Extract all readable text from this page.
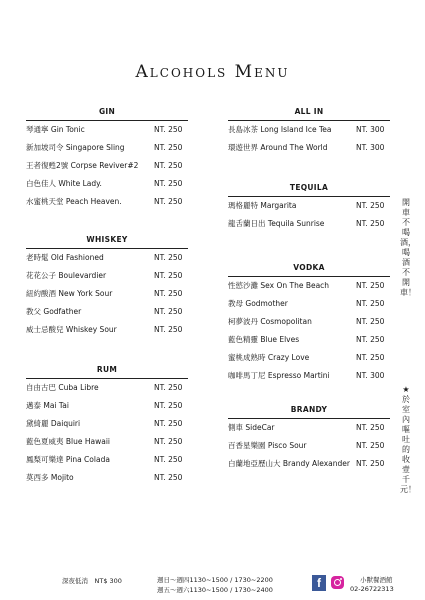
Alcohols Menu
GIN
琴通寧 Gin Tonic	NT. 250
新加坡司令 Singapore Sling	NT. 250
王者復甦2號 Corpse Reviver#2 NT. 250
白色佳人 White Lady.	NT. 250
水蜜桃天堂 Peach Heaven.	NT. 250
WHISKEY
老時髦 Old Fashioned	NT. 250
花花公子 Boulevardier	NT. 250
紐約酸酒 New York Sour	NT. 250
教父 Godfather	NT. 250
威士忌酸兒 Whiskey Sour	NT. 250
RUM
自由古巴 Cuba Libre	NT. 250
邁泰 Mai Tai	NT. 250
黛綺麗 Daiquiri	NT. 250
藍色夏威夷 Blue Hawaii	NT. 250
鳳梨可樂達 Pina Colada	NT. 250
莫西多 Mojito	NT. 250
ALL IN
長島冰茶 Long Island Ice Tea	NT. 300
環遊世界 Around The World	NT. 300
TEQUILA
瑪格麗特 Margarita	NT. 250
龍舌蘭日出 Tequila Sunrise	NT. 250
VODKA
性慾沙灘 Sex On The Beach	NT. 250
教母 Godmother	NT. 250
柯夢波丹 Cosmopolitan	NT. 250
藍色精靈 Blue Elves	NT. 250
蜜桃成熟時 Crazy Love	NT. 250
咖啡馬丁尼 Espresso Martini	NT. 300
BRANDY
側車 SideCar	NT. 250
百香星樂園 Pisco Sour	NT. 250
白蘭地亞歷山大 Brandy Alexander NT. 250
開車不喝酒，喝酒不開車！
★於室內嘔吐的收壹千元！
深夜低消　NT$ 300	週日～週四1130~1500 / 1730~2200
週五～週六1130~1500 / 1730~2400	f	小獸餐酒館
02-26722313
